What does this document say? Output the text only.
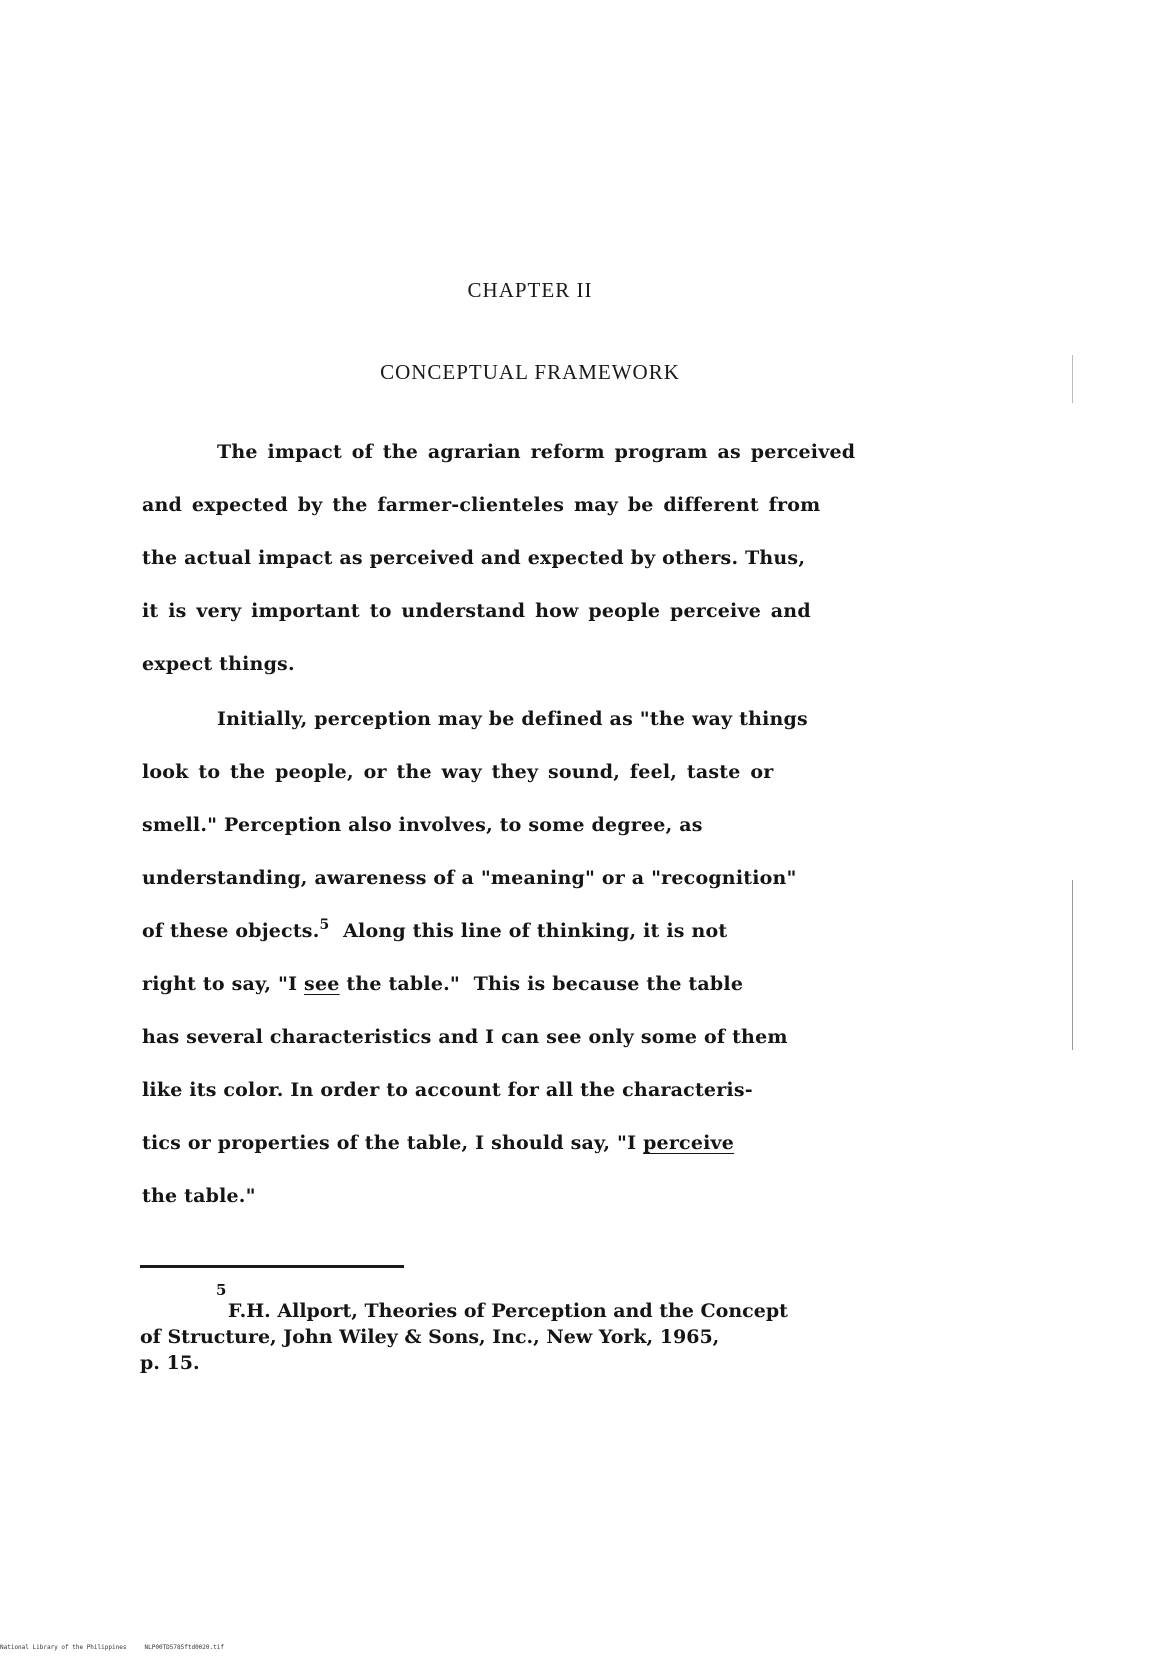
CHAPTER II
CONCEPTUAL FRAMEWORK
The impact of the agrarian reform program as perceived
and expected by the farmer-clienteles may be different from
the actual impact as perceived and expected by others. Thus,
it is very important to understand how people perceive and
expect things.
Initially, perception may be defined as "the way things
look to the people, or the way they sound, feel, taste or
smell." Perception also involves, to some degree, as
understanding, awareness of a "meaning" or a "recognition"
of these objects.$^5$  Along this line of thinking, it is not
right to say, "I see the table."  This is because the table
has several characteristics and I can see only some of them
like its color. In order to account for all the characteris-
tics or properties of the table, I should say, "I perceive
the table."
5
F.H. Allport, Theories of Perception and the Concept
of Structure, John Wiley & Sons, Inc., New York, 1965,
p. 15.
National Library of the Philippines     NLP00TD5785ftd0020.tif
